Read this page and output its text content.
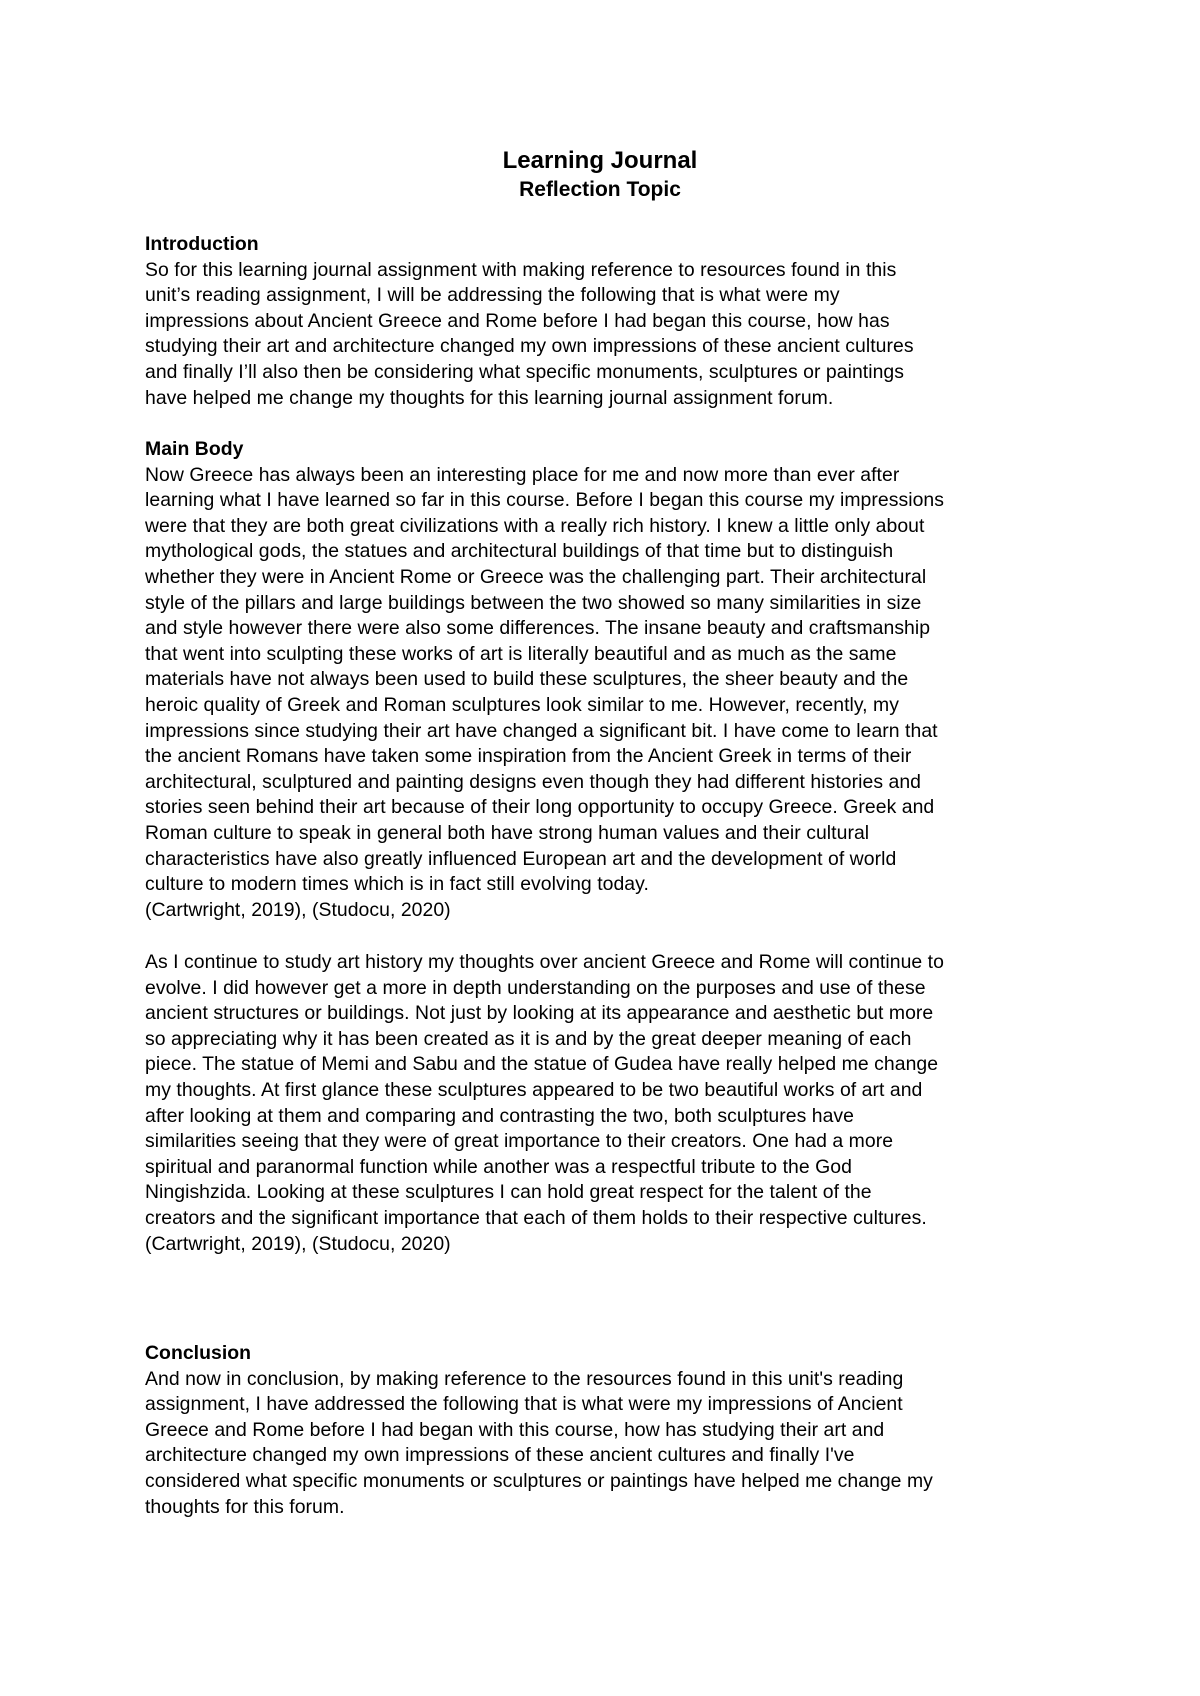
Learning Journal
Reflection Topic
Introduction
So for this learning journal assignment with making reference to resources found in this
unit’s reading assignment, I will be addressing the following that is what were my
impressions about Ancient Greece and Rome before I had began this course, how has
studying their art and architecture changed my own impressions of these ancient cultures
and finally I’ll also then be considering what specific monuments, sculptures or paintings
have helped me change my thoughts for this learning journal assignment forum.
Main Body
Now Greece has always been an interesting place for me and now more than ever after
learning what I have learned so far in this course. Before I began this course my impressions
were that they are both great civilizations with a really rich history. I knew a little only about
mythological gods, the statues and architectural buildings of that time but to distinguish
whether they were in Ancient Rome or Greece was the challenging part. Their architectural
style of the pillars and large buildings between the two showed so many similarities in size
and style however there were also some differences. The insane beauty and craftsmanship
that went into sculpting these works of art is literally beautiful and as much as the same
materials have not always been used to build these sculptures, the sheer beauty and the
heroic quality of Greek and Roman sculptures look similar to me. However, recently, my
impressions since studying their art have changed a significant bit. I have come to learn that
the ancient Romans have taken some inspiration from the Ancient Greek in terms of their
architectural, sculptured and painting designs even though they had different histories and
stories seen behind their art because of their long opportunity to occupy Greece. Greek and
Roman culture to speak in general both have strong human values and their cultural
characteristics have also greatly influenced European art and the development of world
culture to modern times which is in fact still evolving today.
(Cartwright, 2019), (Studocu, 2020)
As I continue to study art history my thoughts over ancient Greece and Rome will continue to
evolve. I did however get a more in depth understanding on the purposes and use of these
ancient structures or buildings. Not just by looking at its appearance and aesthetic but more
so appreciating why it has been created as it is and by the great deeper meaning of each
piece. The statue of Memi and Sabu and the statue of Gudea have really helped me change
my thoughts. At first glance these sculptures appeared to be two beautiful works of art and
after looking at them and comparing and contrasting the two, both sculptures have
similarities seeing that they were of great importance to their creators. One had a more
spiritual and paranormal function while another was a respectful tribute to the God
Ningishzida. Looking at these sculptures I can hold great respect for the talent of the
creators and the significant importance that each of them holds to their respective cultures.
(Cartwright, 2019), (Studocu, 2020)
Conclusion
And now in conclusion, by making reference to the resources found in this unit's reading
assignment, I have addressed the following that is what were my impressions of Ancient
Greece and Rome before I had began with this course, how has studying their art and
architecture changed my own impressions of these ancient cultures and finally I've
considered what specific monuments or sculptures or paintings have helped me change my
thoughts for this forum.
